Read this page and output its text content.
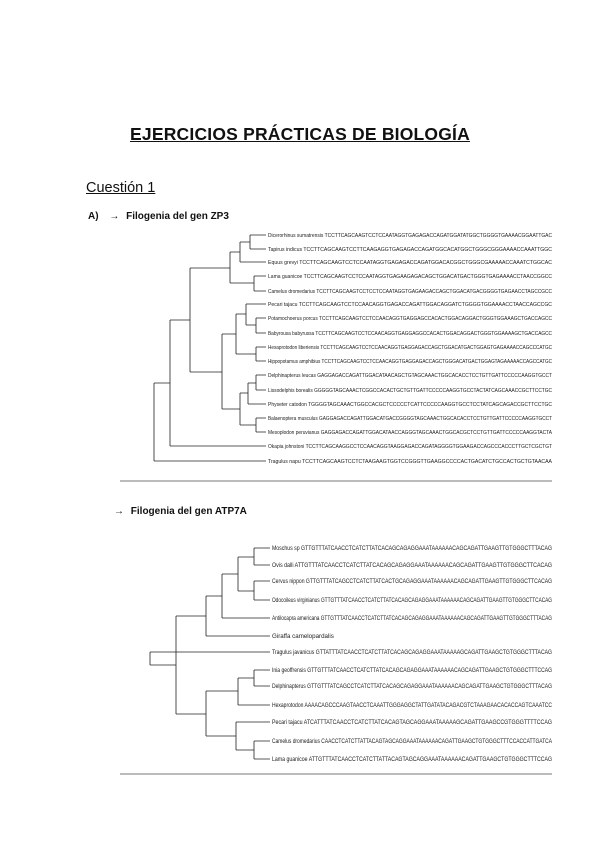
EJERCICIOS PRÁCTICAS DE BIOLOGÍA
Cuestión 1
A) → Filogenia del gen ZP3
→ Filogenia del gen ATP7A
Dicerorhinus sumatrensis TCCTTCAGCAAGTCCTCCAATAGGTGAGAGACCAGATGGATATGGCTGGGGTGAAAACGGAATTGAC
Tapirus indicus TCCTTCAGCAAGTCCTTCAAGAGGTGAGAGACCAGATGGCACATGGCTGGGCGGGAAAACCAAATTGGC
Equus grevyi TCCTTCAGCAAGTCCTCCAATAGGTGAGAGACCAGATGGACACGGCTGGGCGAAAAACCAAATCTGGCAC
Lama guanicoe TCCTTCAGCAAGTCCTCCAATAGGTGAGAAGAGACAGCTGGACATGACTGGGTGAGAAAACCTAACCGGCC
Camelus dromedarius TCCTTCAGCAAGTCCTCCTCCAATAGGTGAGAAGACCAGCTGGACATGACGGGGTGAGAACCTAGCCGCC
Pecari tajacu TCCTTCAGCAAGTCCTCCAACAGGTGAGACCAGATTGGACAGGATCTGGGGTGGAAAACCTAACCAGCCGC
Potamochoerus porcus TCCTTCAGCAAGTCCTCCAACAGGTGAGGAGCCACACTGGACAGGACTGGGTGGAAAGCTGACCAGCC
Babyrousa babyrussa TCCTTCAGCAAGTCCTCCAACAGGTGAGGAGGCCACACTGGACAGGACTGGGTGGAAAAGCTGACCAGCC
Hexaprotodon liberiensis TCCTTCAGCAAGTCCTCCAACAGGTGAGGAGACCAGCTGGACATGACTGGAGTGAGAAAACCAGCCCATGC
Hippopotamus amphibius TCCTTCAGCAAGTCCTCCAACAGGTGAGGAGACCAGCTGGGACATGACTGGAGTAGAAAAACCAGCCATGC
Delphinapterus leucas GAGGAGACCAGATTGGACATAACAGCTGTAGCAAACTGGCACACCTCCTGTTGATTCCCCCAAGGTGCCT
Lissodelphis borealis GGGGGTAGCAAACTCGGCCACACTGCTGTTGATTCCCCCAAGGTGCCTACTATCAGCAAACCGCTTCCTGC
Physeter catodon TGGGGTAGCAAACTGGCCACGCTCCCCCTCATTCCCCCAAGGTGCCTCCTATCAGCAGACCGCTTCCTGC
Balaenoptera musculus GAGGAGACCAGATTGGACATGACCGGGGTAGCAAACTGGCACACCTCCTGTTGATTCCCCCAAGGTGCCT
Mesoplodon peruvianus GAGGAGACCAGATTGGACATAACCAGGGTAGCAAACTGGCACGCTCCTGTTGATTCCCCCAAGGTACTA
Okapia johnstoni TCCTTCAGCAAGGCCTCCAACAGGTAAGGAGACCAGATAGGGGTGGAAGACCAGCCCACCCTTGCTCGCTGT
Tragulus napu TCCTTCAGCAAGTCCTCTAAGAAGTGGTCCGGGTTGAAGGCCCCACTGACATCTGCCACTGCTGTAACAA
Moschus sp GTTGTTTATCAACCTCATCTTATCACAGCAGAGGAAATAAAAAACAGCAGATTGAAGTTGTGGGCTTTACAG
Ovis dalli ATTGTTTATCAACCTCATCTTATCACAGCAGAGGAAATAAAAAACAGCAGATTGAAGTTGTGGGCTTCACAG
Cervus nippon GTTGTTTATCAGCCTCATCTTATCACTGCAGAGGAAATAAAAAACAGCAGATTGAAGTTGTGGGCTTCACAG
Odocoileus virginianus GTTGTTTATCAACCTCATCTTATCACAGCAGAGGAAATAAAAAACAGCAGATTGAAGTTGTGGGCTTCACAG
Antilocapra americana GTTGTTTATCAACCTCATCTTATCACAGCAGAGGAAATAAAAAACAGCAGATTGAAGTTGTGGGCTTTACAG
Giraffa camelopardalis
Tragulus javanicus GTTATTTATCAACCTCATCTTATCACAGCAGAGGAAATAAAAAGCAGATTGAAGCTGTGGGCTTTACAG
Inia geoffrensis GTTGTTTATCAACCTCATCTTATCACAGCAGAGGAAATAAAAAACAGCAGATTGAAGCTGTGGGCTTTCCAG
Delphinapterus GTTGTTTATCAGCCTCATCTTATCACAGCAGAGGAAATAAAAAACAGCAGATTGAAGCTGTGGGCTTTACAG
Hexaprotodon AAAACAGCCCAAGTAACCTCAAATTGGGAGGCTATTGATATACAGACGTCTAAAGAACACACCAGTCAAATCC
Pecari tajacu ATCATTTATCAACCTCATCTTATCACAGTAGCAGGAAATAAAAAGCAGATTGAAGCCGTGGGTTTTCCAG
Camelus dromedarius CAACCTCATCTTATTACAGTAGCAGGAAATAAAAAACAGATTGAAGCTGTGGGCTTTCCACCATTGATCA
Lama guanicoe ATTGTTTATCAACCTCATCTTATTACAGTAGCAGGAAATAAAAAACAGATTGAAGCTGTGGGCTTTCCAG
